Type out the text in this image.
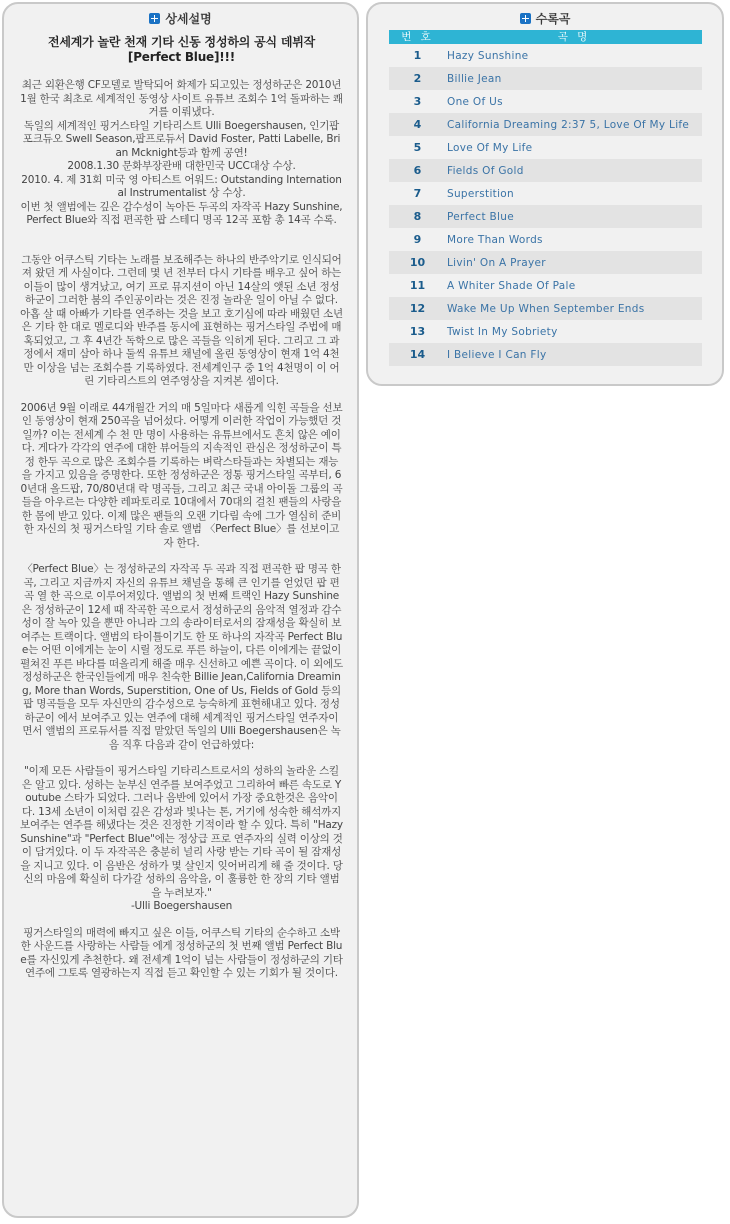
상세설명
전세계가 놀란 천재 기타 신동 정성하의 공식 데뷔작
[Perfect Blue]!!!

최근 외환은행 CF모델로 발탁되어 화제가 되고있는 정성하군은 2010년 1월 한국 최초로 세계적인 동영상 사이트 유튜브 조회수 1억 돌파하는 쾌거를 이뤄냈다.
독일의 세계적인 핑거스타일 기타리스트 Ulli Boegershausen, 인기팝포크듀오 Swell Season,팝프로듀서 David Foster, Patti Labelle, Brian Mcknight등과 함께 공연!
2008.1.30 문화부장관배 대한민국 UCC대상 수상.
2010. 4. 제 31회 미국 영 아티스트 어워드: Outstanding International Instrumentalist 상 수상.
이번 첫 앨범에는 깊은 감수성이 녹아든 두곡의 자작곡 Hazy Sunshine, Perfect Blue와 직접 편곡한 팝 스테디 명곡 12곡 포함 총 14곡 수록.

그동안 어쿠스틱 기타는 노래를 보조해주는 하나의 반주악기로 인식되어져 왔던 게 사실이다. 그런데 몇 년 전부터 다시 기타를 배우고 싶어 하는 이들이 많이 생겨났고, 여기 프로 뮤지션이 아닌 14살의 앳된 소년 정성하군이 그러한 붐의 주인공이라는 것은 진정 놀라운 일이 아닐 수 없다. 아홉 살 때 아빠가 기타를 연주하는 것을 보고 호기심에 따라 배웠던 소년은 기타 한 대로 멜로디와 반주를 동시에 표현하는 핑거스타일 주법에 매혹되었고, 그 후 4년간 독학으로 많은 곡들을 익히게 된다. 그리고 그 과정에서 재미 삼아 하나 둘씩 유튜브 채널에 올린 동영상이 현재 1억 4천만 이상을 넘는 조회수를 기록하였다. 전세계인구 중 1억 4천명이 이 어린 기타리스트의 연주영상을 지켜본 셈이다.

2006년 9월 이래로 44개월간 거의 매 5일마다 새롭게 익힌 곡들을 선보인 동영상이 현재 250곡을 넘어섰다. 어떻게 이러한 작업이 가능했던 것일까? 이는 전세계 수 천 만 명이 사용하는 유튜브에서도 흔치 않은 예이다. 게다가 각각의 연주에 대한 뷰어들의 지속적인 관심은 정성하군이 특정 한두 곡으로 많은 조회수를 기록하는 벼락스타들과는 차별되는 재능을 가지고 있음을 증명한다. 또한 정성하군은 정통 핑거스타일 곡부터, 60년대 올드팝, 70/80년대 락 명곡들, 그리고 최근 국내 아이돌 그룹의 곡들을 아우르는 다양한 레파토리로 10대에서 70대의 걸친 팬들의 사랑을 한 몸에 받고 있다. 이제 많은 팬들의 오랜 기다림 속에 그가 열심히 준비한 자신의 첫 핑거스타일 기타 솔로 앨범 〈Perfect Blue〉를 선보이고자 한다.

〈Perfect Blue〉는 정성하군의 자작곡 두 곡과 직접 편곡한 팝 명곡 한 곡, 그리고 지금까지 자신의 유튜브 채널을 통해 큰 인기를 얻었던 팝 편곡 열 한 곡으로 이루어져있다. 앨범의 첫 번째 트랙인 Hazy Sunshine은 정성하군이 12세 때 작곡한 곡으로서 정성하군의 음악적 열정과 감수성이 잘 녹아 있을 뿐만 아니라 그의 송라이터로서의 잠재성을 확실히 보여주는 트랙이다. 앨범의 타이틀이기도 한 또 하나의 자작곡 Perfect Blue는 어떤 이에게는 눈이 시릴 정도로 푸른 하늘이, 다른 이에게는 끝없이 펼쳐진 푸른 바다를 떠올리게 해줄 매우 신선하고 예쁜 곡이다. 이 외에도 정성하군은 한국인들에게 매우 친숙한 Billie Jean,California Dreaming, More than Words, Superstition, One of Us, Fields of Gold 등의 팝 명곡들을 모두 자신만의 감수성으로 능숙하게 표현해내고 있다. 정성하군이 에서 보여주고 있는 연주에 대해 세계적인 핑거스타일 연주자이면서 앨범의 프로듀서를 직접 맡았던 독일의 Ulli Boegershausen은 녹음 직후 다음과 같이 언급하였다:

"이제 모든 사람들이 핑거스타일 기타리스트로서의 성하의 놀라운 스킬은 알고 있다. 성하는 눈부신 연주를 보여주었고 그리하여 빠른 속도로 Youtube 스타가 되었다. 그러나 음반에 있어서 가장 중요한것은 음악이다. 13세 소년이 이처럼 깊은 감성과 빛나는 톤, 거기에 성숙한 해석까지 보여주는 연주를 해냈다는 것은 진정한 기적이라 할 수 있다. 특히 "Hazy Sunshine"과 "Perfect Blue"에는 정상급 프로 연주자의 실력 이상의 것이 담겨있다. 이 두 자작곡은 충분히 널리 사랑 받는 기타 곡이 될 잠재성을 지니고 있다. 이 음반은 성하가 몇 살인지 잊어버리게 해 줄 것이다. 당신의 마음에 확실히 다가갈 성하의 음악을, 이 훌륭한 한 장의 기타 앨범을 누려보자."
-Ulli Boegershausen

핑거스타일의 매력에 빠지고 싶은 이들, 어쿠스틱 기타의 순수하고 소박한 사운드를 사랑하는 사람들 에게 정성하군의 첫 번째 앨범 Perfect Blue를 자신있게 추천한다. 왜 전세계 1억이 넘는 사람들이 정성하군의 기타연주에 그토록 열광하는지 직접 듣고 확인할 수 있는 기회가 될 것이다.

수록곡
번 호	곡 명
1	Hazy Sunshine
2	Billie Jean
3	One Of Us
4	California Dreaming 2:37 5, Love Of My Life
5	Love Of My Life
6	Fields Of Gold
7	Superstition
8	Perfect Blue
9	More Than Words
10	Livin' On A Prayer
11	A Whiter Shade Of Pale
12	Wake Me Up When September Ends
13	Twist In My Sobriety
14	I Believe I Can Fly
